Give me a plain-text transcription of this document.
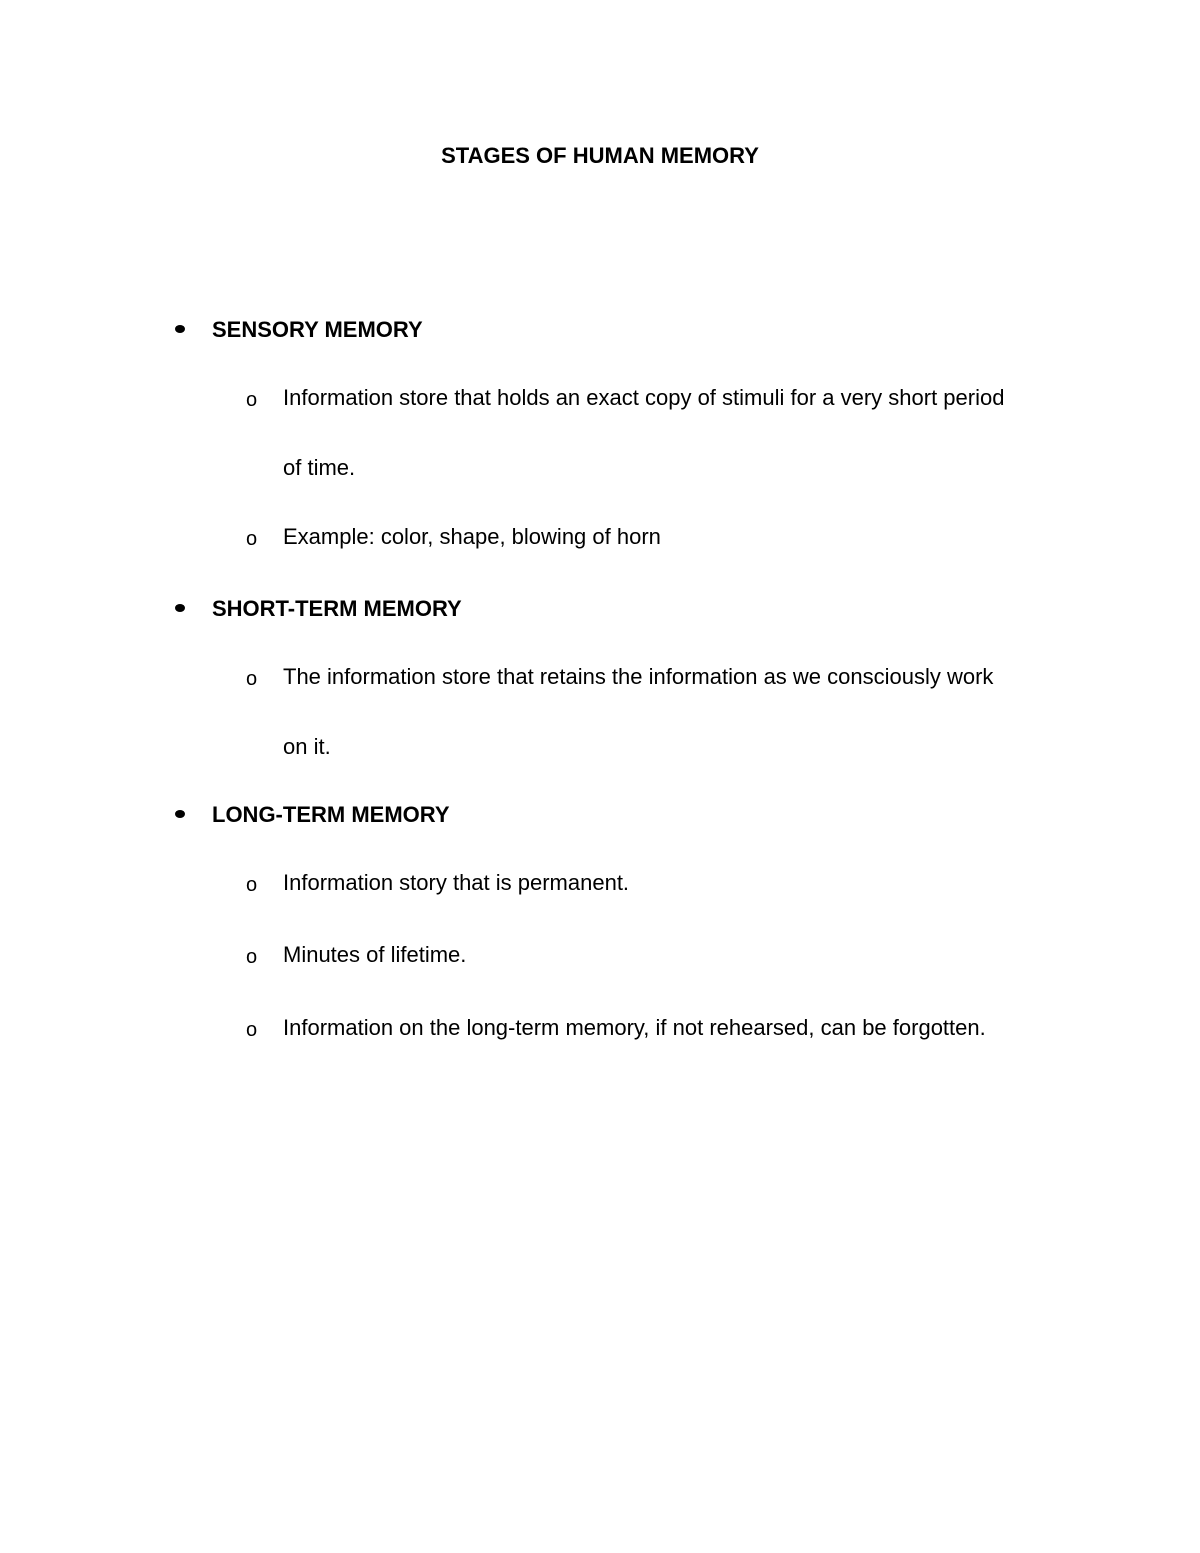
STAGES OF HUMAN MEMORY
SENSORY MEMORY
o Information store that holds an exact copy of stimuli for a very short period
of time.
o Example: color, shape, blowing of horn
SHORT-TERM MEMORY
o The information store that retains the information as we consciously work
on it.
LONG-TERM MEMORY
o Information story that is permanent.
o Minutes of lifetime.
o Information on the long-term memory, if not rehearsed, can be forgotten.
